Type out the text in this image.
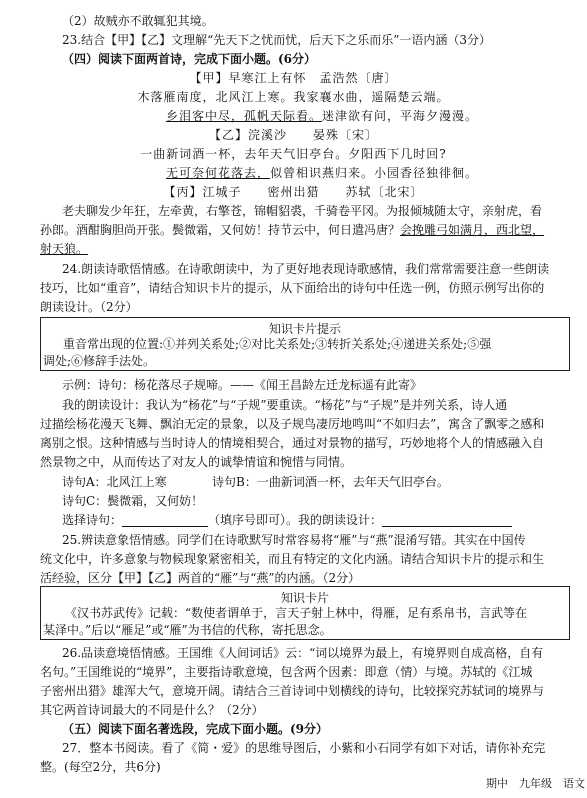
（2）故贼亦不敢辄犯其境。
23.结合【甲】【乙】文理解“先天下之忧而忧，后天下之乐而乐”一语内涵（3分）
（四）阅读下面两首诗，完成下面小题。(6分）
【甲】早寒江上有怀　孟浩然〔唐〕
木落雁南度，北风江上寒。我家襄水曲，遥隔楚云端。
乡泪客中尽，孤帆天际看。迷津欲有问，平海夕漫漫。
【乙】浣溪沙　　晏殊〔宋〕
一曲新词酒一杯，去年天气旧亭台。夕阳西下几时回?
无可奈何花落去，似曾相识燕归来。小园香径独徘徊。
【丙】江城子　　密州出猎　　苏轼〔北宋〕
老夫聊发少年狂，左牵黄，右擎苍，锦帽貂裘，千骑卷平冈。为报倾城随太守，亲射虎，看
孙郎。酒酣胸胆尚开张。鬓微霜，又何妨！持节云中，何日遣冯唐？会挽雕弓如满月，西北望，
射天狼。
24.朗读诗歌悟情感。在诗歌朗读中，为了更好地表现诗歌感情，我们常常需要注意一些朗读
技巧，比如“重音”，请结合知识卡片的提示，从下面给出的诗句中任选一例，仿照示例写出你的
朗读设计。（2分）
知识卡片提示
重音常出现的位置:①并列关系处;②对比关系处;③转折关系处;④递进关系处;⑤强
调处;⑥修辞手法处。
示例：诗句：杨花落尽子规啼。——《闻王昌龄左迁龙标遥有此寄》
我的朗读设计：我认为“杨花”与“子规”要重读。“杨花”与“子规”是并列关系，诗人通
过描绘杨花漫天飞舞、飘泊无定的景象，以及子规鸟凄厉地鸣叫“不如归去”，寓含了飘零之感和
离别之恨。这种情感与当时诗人的情境相契合，通过对景物的描写，巧妙地将个人的情感融入自
然景物之中，从而传达了对友人的诚挚情谊和惋惜与同情。
诗句A：北风江上寒	诗句B：一曲新词酒一杯，去年天气旧亭台。
诗句C：鬓微霜，又何妨！
选择诗句：	（填序号即可）。我的朗读设计：
25.辨读意象悟情感。同学们在诗歌默写时常容易将“雁”与“燕”混淆写错。其实在中国传
统文化中，许多意象与物候现象紧密相关，而且有特定的文化内涵。请结合知识卡片的提示和生
活经验，区分【甲】【乙】两首的“雁”与“燕”的内涵。（2分）
知识卡片
《汉书苏武传》记载：“数使者谓单于，言天子射上林中，得雁，足有系帛书，言武等在
某泽中。”后以“雁足”或“雁”为书信的代称，寄托思念。
26.品读意境悟情感。王国维《人间词话》云：“词以境界为最上，有境界则自成高格，自有
名句。”王国维说的“境界”，主要指诗歌意境，包含两个因素：即意（情）与境。苏轼的《江城
子密州出猎》雄浑大气，意境开阔。请结合三首诗词中划横线的诗句，比较探究苏轼词的境界与
其它两首诗词最大的不同是什么？（2分）
（五）阅读下面名著选段，完成下面小题。(9分）
27．整本书阅读。看了《简・爱》的思维导图后，小紫和小石同学有如下对话，请你补充完
整。(每空2分，共6分)
期中　九年级　语文
